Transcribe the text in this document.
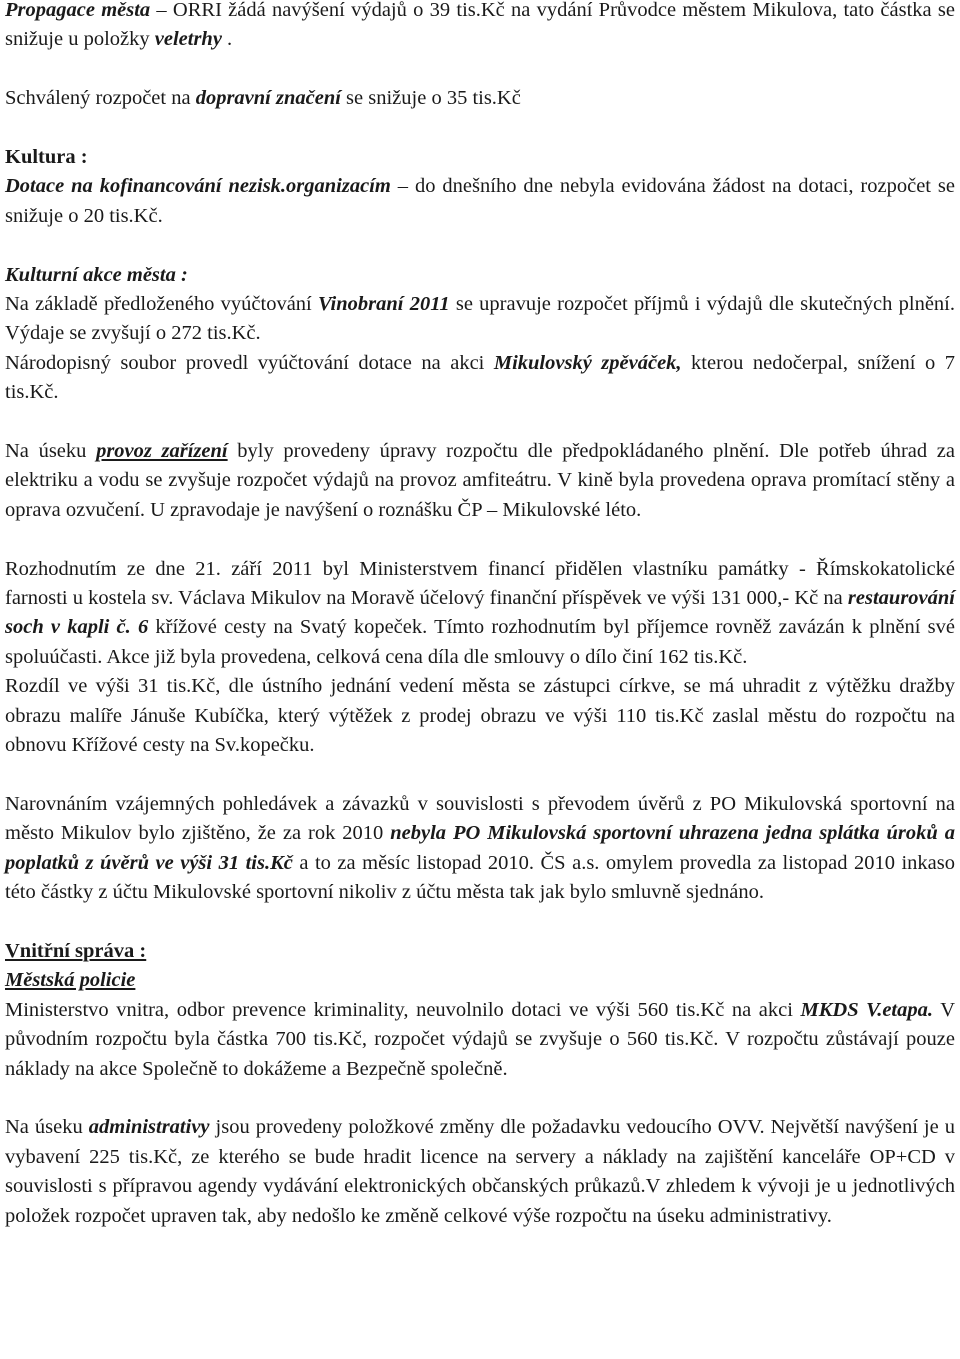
Propagace města – ORRI žádá navýšení výdajů o 39 tis.Kč na vydání Průvodce městem Mikulova, tato částka se snižuje u položky veletrhy .

Schválený rozpočet na dopravní značení se snižuje o 35 tis.Kč

Kultura :

Dotace na kofinancování nezisk.organizacím – do dnešního dne nebyla evidována žádost na dotaci, rozpočet se snižuje o 20 tis.Kč.

Kulturní akce města :

Na základě předloženého vyúčtování Vinobraní 2011 se upravuje rozpočet příjmů i výdajů dle skutečných plnění. Výdaje se zvyšují o 272 tis.Kč.

Národopisný soubor provedl vyúčtování dotace na akci Mikulovský zpěváček, kterou nedočerpal, snížení o 7 tis.Kč.

Na úseku provoz zařízení byly provedeny úpravy rozpočtu dle předpokládaného plnění. Dle potřeb úhrad za elektriku a vodu se zvyšuje rozpočet výdajů na provoz amfiteátru. V kině byla provedena oprava promítací stěny a oprava ozvučení. U zpravodaje je navýšení o roznášku ČP – Mikulovské léto.

Rozhodnutím ze dne 21. září 2011 byl Ministerstvem financí přidělen vlastníku památky - Římskokatolické farnosti u kostela sv. Václava Mikulov na Moravě účelový finanční příspěvek ve výši 131 000,- Kč na restaurování soch v kapli č. 6 křížové cesty na Svatý kopeček. Tímto rozhodnutím byl příjemce rovněž zavázán k plnění své spoluúčasti. Akce již byla provedena, celková cena díla dle smlouvy o dílo činí 162 tis.Kč.

Rozdíl ve výši 31 tis.Kč, dle ústního jednání vedení města se zástupci církve, se má uhradit z výtěžku dražby obrazu malíře Jánuše Kubíčka, který výtěžek z prodej obrazu ve výši 110 tis.Kč zaslal městu do rozpočtu na obnovu Křížové cesty na Sv.kopečku.

Narovnáním vzájemných pohledávek a závazků v souvislosti s převodem úvěrů z PO Mikulovská sportovní na město Mikulov bylo zjištěno, že za rok 2010 nebyla PO Mikulovská sportovní uhrazena jedna splátka úroků a poplatků z úvěrů ve výši 31 tis.Kč a to za měsíc listopad 2010. ČS a.s. omylem provedla za listopad 2010 inkaso této částky z účtu Mikulovské sportovní nikoliv z účtu města tak jak bylo smluvně sjednáno.

Vnitřní správa :

Městská policie

Ministerstvo vnitra, odbor prevence kriminality, neuvolnilo dotaci ve výši 560 tis.Kč na akci MKDS V.etapa. V původním rozpočtu byla částka 700 tis.Kč, rozpočet výdajů se zvyšuje o 560 tis.Kč. V rozpočtu zůstávají pouze náklady na akce Společně to dokážeme a Bezpečně společně.

Na úseku administrativy jsou provedeny položkové změny dle požadavku vedoucího OVV. Největší navýšení je u vybavení 225 tis.Kč, ze kterého se bude hradit licence na servery a náklady na zajištění kanceláře OP+CD v souvislosti s přípravou agendy vydávání elektronických občanských průkazů.V zhledem k vývoji je u jednotlivých položek rozpočet upraven tak, aby nedošlo ke změně celkové výše rozpočtu na úseku administrativy.
